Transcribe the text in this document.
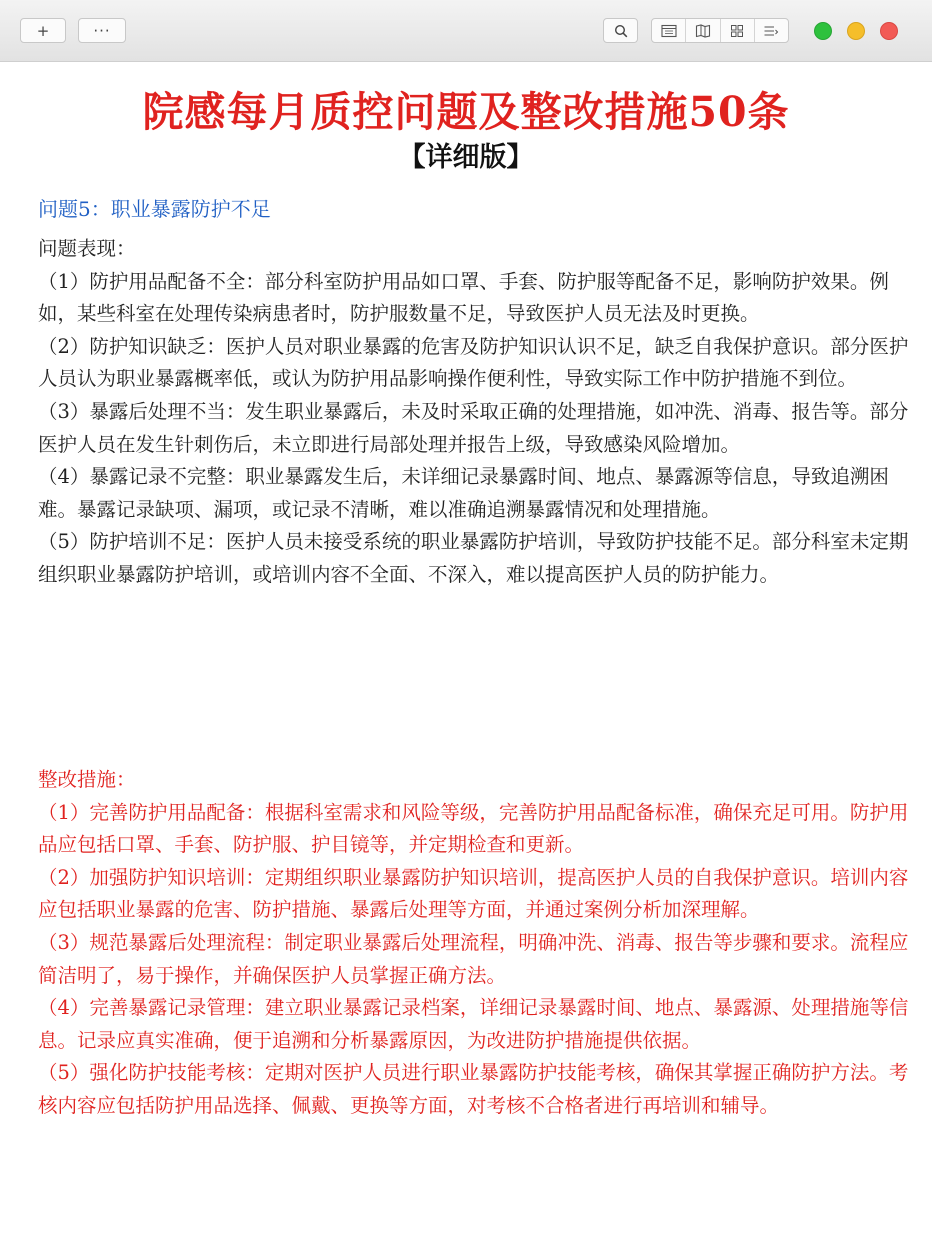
+	···
院感每月质控问题及整改措施50条
【详细版】
问题5：职业暴露防护不足

问题表现：

（1）防护用品配备不全：部分科室防护用品如口罩、手套、防护服等配备不足，影响防护效果。例如，某些科室在处理传染病患者时，防护服数量不足，导致医护人员无法及时更换。

（2）防护知识缺乏：医护人员对职业暴露的危害及防护知识认识不足，缺乏自我保护意识。部分医护人员认为职业暴露概率低，或认为防护用品影响操作便利性，导致实际工作中防护措施不到位。

（3）暴露后处理不当：发生职业暴露后，未及时采取正确的处理措施，如冲洗、消毒、报告等。部分医护人员在发生针刺伤后，未立即进行局部处理并报告上级，导致感染风险增加。

（4）暴露记录不完整：职业暴露发生后，未详细记录暴露时间、地点、暴露源等信息，导致追溯困难。暴露记录缺项、漏项，或记录不清晰，难以准确追溯暴露情况和处理措施。

（5）防护培训不足：医护人员未接受系统的职业暴露防护培训，导致防护技能不足。部分科室未定期组织职业暴露防护培训，或培训内容不全面、不深入，难以提高医护人员的防护能力。

整改措施：

（1）完善防护用品配备：根据科室需求和风险等级，完善防护用品配备标准，确保充足可用。防护用品应包括口罩、手套、防护服、护目镜等，并定期检查和更新。

（2）加强防护知识培训：定期组织职业暴露防护知识培训，提高医护人员的自我保护意识。培训内容应包括职业暴露的危害、防护措施、暴露后处理等方面，并通过案例分析加深理解。

（3）规范暴露后处理流程：制定职业暴露后处理流程，明确冲洗、消毒、报告等步骤和要求。流程应简洁明了，易于操作，并确保医护人员掌握正确方法。

（4）完善暴露记录管理：建立职业暴露记录档案，详细记录暴露时间、地点、暴露源、处理措施等信息。记录应真实准确，便于追溯和分析暴露原因，为改进防护措施提供依据。

（5）强化防护技能考核：定期对医护人员进行职业暴露防护技能考核，确保其掌握正确防护方法。考核内容应包括防护用品选择、佩戴、更换等方面，对考核不合格者进行再培训和辅导。
